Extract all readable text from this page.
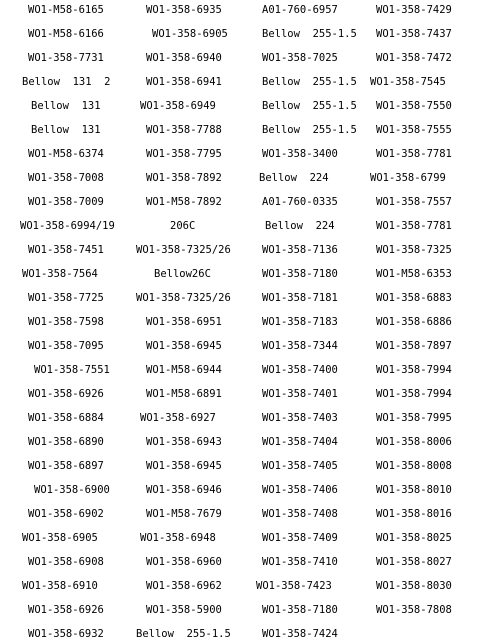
WO1-M58-6165	WO1-358-6935	A01-760-6957	WO1-358-7429
WO1-M58-6166	WO1-358-6905	Bellow  255-1.5 WO1-358-7437
WO1-358-7731	WO1-358-6940	WO1-358-7025	WO1-358-7472
Bellow  131  2	WO1-358-6941	Bellow  255-1.5 WO1-358-7545
Bellow  131	WO1-358-6949	Bellow  255-1.5 WO1-358-7550
Bellow  131	WO1-358-7788	Bellow  255-1.5 WO1-358-7555
WO1-M58-6374	WO1-358-7795	WO1-358-3400	WO1-358-7781
WO1-358-7008	WO1-358-7892	Bellow  224	WO1-358-6799
WO1-358-7009	WO1-M58-7892	A01-760-0335	WO1-358-7557
WO1-358-6994/19	206C	Bellow  224	WO1-358-7781
WO1-358-7451	WO1-358-7325/26	WO1-358-7136	WO1-358-7325
WO1-358-7564	Bellow26C	WO1-358-7180	WO1-M58-6353
WO1-358-7725	WO1-358-7325/26	WO1-358-7181	WO1-358-6883
WO1-358-7598	WO1-358-6951	WO1-358-7183	WO1-358-6886
WO1-358-7095	WO1-358-6945	WO1-358-7344	WO1-358-7897
WO1-358-7551	WO1-M58-6944	WO1-358-7400	WO1-358-7994
WO1-358-6926	WO1-M58-6891	WO1-358-7401	WO1-358-7994
WO1-358-6884	WO1-358-6927	WO1-358-7403	WO1-358-7995
WO1-358-6890	WO1-358-6943	WO1-358-7404	WO1-358-8006
WO1-358-6897	WO1-358-6945	WO1-358-7405	WO1-358-8008
WO1-358-6900	WO1-358-6946	WO1-358-7406	WO1-358-8010
WO1-358-6902	WO1-M58-7679	WO1-358-7408	WO1-358-8016
WO1-358-6905	WO1-358-6948	WO1-358-7409	WO1-358-8025
WO1-358-6908	WO1-358-6960	WO1-358-7410	WO1-358-8027
WO1-358-6910	WO1-358-6962	WO1-358-7423	WO1-358-8030
WO1-358-6926	WO1-358-5900	WO1-358-7180	WO1-358-7808
WO1-358-6932	Bellow  255-1.5	WO1-358-7424
